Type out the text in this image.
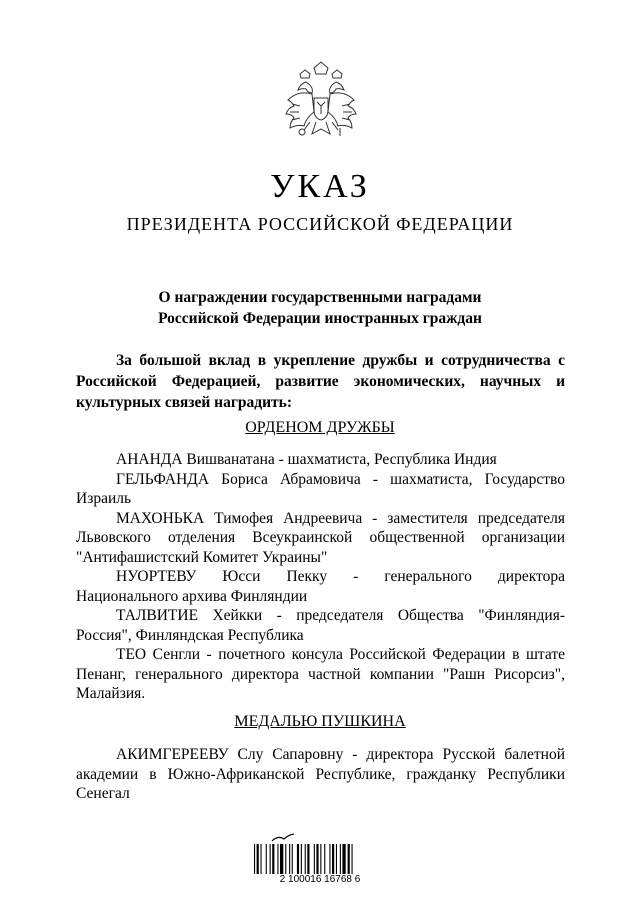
УКАЗ
ПРЕЗИДЕНТА РОССИЙСКОЙ ФЕДЕРАЦИИ
О награждении государственными наградами
Российской Федерации иностранных граждан
За большой вклад в укрепление дружбы и сотрудничества с
Российской Федерацией, развитие экономических, научных и
культурных связей наградить:
ОРДЕНОМ ДРУЖБЫ
АНАНДА Вишванатана - шахматиста, Республика Индия
ГЕЛЬФАНДА Бориса Абрамовича - шахматиста, Государство
Израиль
МАХОНЬКА Тимофея Андреевича - заместителя председателя
Львовского отделения Всеукраинской общественной организации
"Антифашистский Комитет Украины"
НУОРТЕВУ Юсси Пекку - генерального директора
Национального архива Финляндии
ТАЛВИТИЕ Хейкки - председателя Общества "Финляндия-
Россия", Финляндская Республика
ТЕО Сенгли - почетного консула Российской Федерации в штате
Пенанг, генерального директора частной компании "Рашн Рисорсиз",
Малайзия.
МЕДАЛЬЮ ПУШКИНА
АКИМГЕРЕЕВУ Слу Сапаровну - директора Русской балетной
академии в Южно-Африканской Республике, гражданку Республики
Сенегал
2 100016 16768 6
